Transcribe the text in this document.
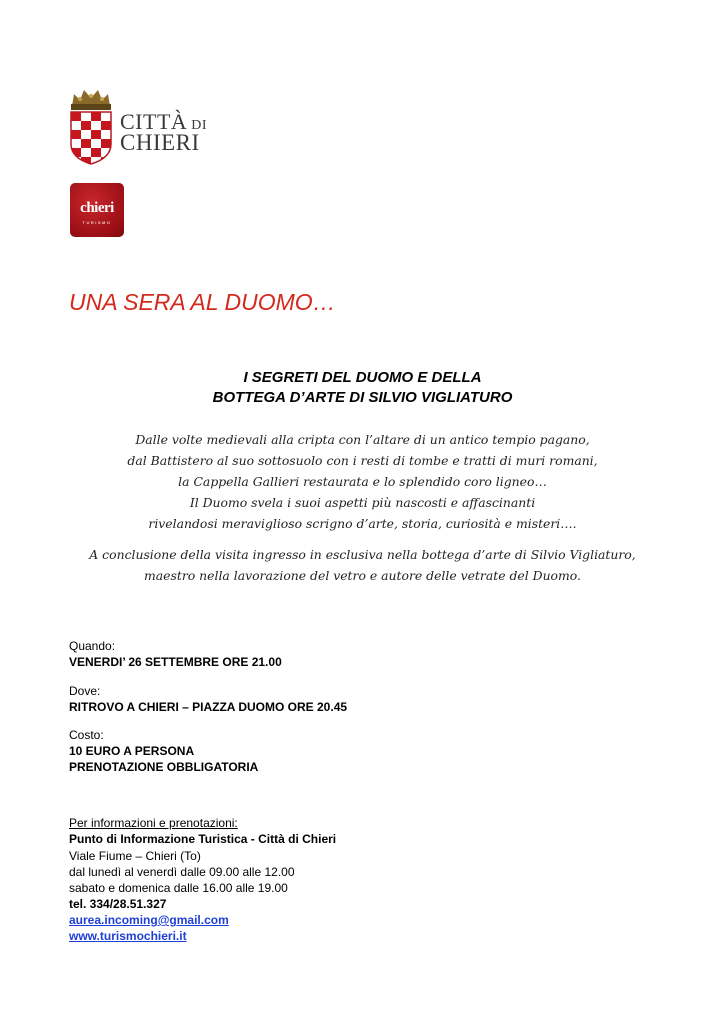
CITTÀ DI
CHIERI
chieri
TURISMO
UNA SERA AL DUOMO…
I SEGRETI DEL DUOMO E DELLA
BOTTEGA D’ARTE DI SILVIO VIGLIATURO
Dalle volte medievali alla cripta con l’altare di un antico tempio pagano,
dal Battistero al suo sottosuolo con i resti di tombe e tratti di muri romani,
la Cappella Gallieri restaurata e lo splendido coro ligneo…
Il Duomo svela i suoi aspetti più nascosti e affascinanti
rivelandosi meraviglioso scrigno d’arte, storia, curiosità e misteri….
A conclusione della visita ingresso in esclusiva nella bottega d’arte di Silvio Vigliaturo,
maestro nella lavorazione del vetro e autore delle vetrate del Duomo.
Quando:
VENERDI’ 26 SETTEMBRE ORE 21.00
Dove:
RITROVO A CHIERI – PIAZZA DUOMO ORE 20.45
Costo:
10 EURO A PERSONA
PRENOTAZIONE OBBLIGATORIA
Per informazioni e prenotazioni:
Punto di Informazione Turistica - Città di Chieri
Viale Fiume – Chieri (To)
dal lunedì al venerdì dalle 09.00 alle 12.00
sabato e domenica dalle 16.00 alle 19.00
tel. 334/28.51.327
aurea.incoming@gmail.com
www.turismochieri.it
